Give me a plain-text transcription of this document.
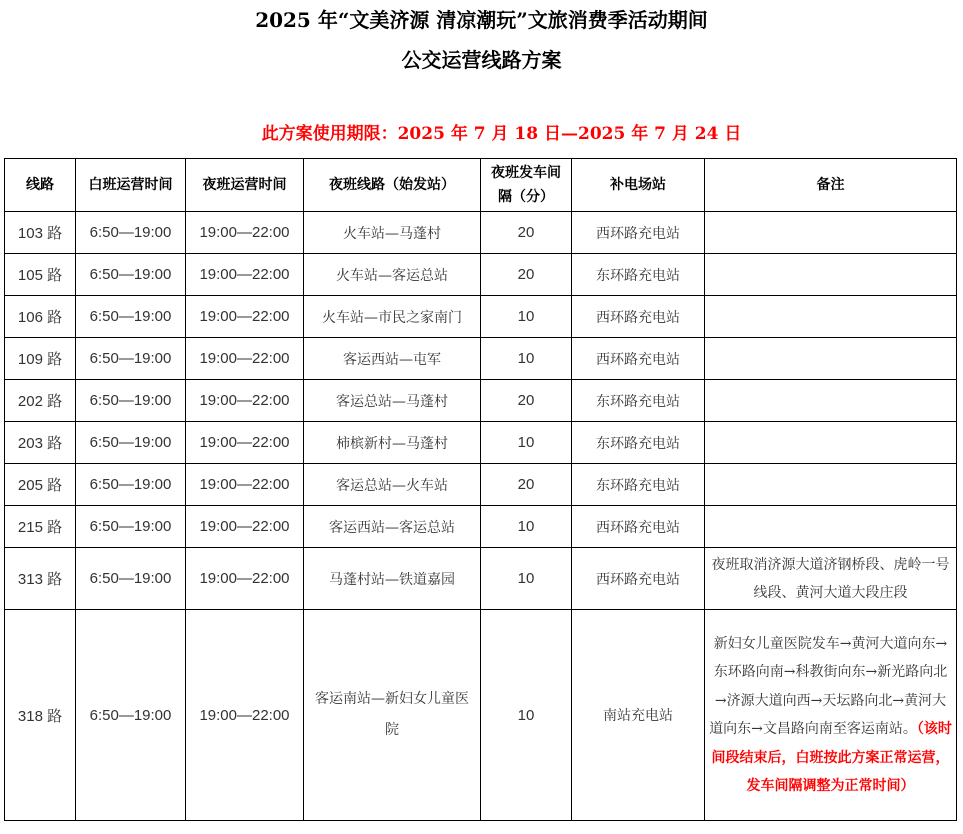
2025 年“文美济源 清凉潮玩”文旅消费季活动期间
公交运营线路方案
此方案使用期限：2025 年 7 月 18 日—2025 年 7 月 24 日
线路	白班运营时间	夜班运营时间	夜班线路（始发站）	夜班发车间隔（分）	补电场站	备注
103 路	6:50—19:00	19:00—22:00	火车站—马蓬村	20	西环路充电站	
105 路	6:50—19:00	19:00—22:00	火车站—客运总站	20	东环路充电站	
106 路	6:50—19:00	19:00—22:00	火车站—市民之家南门	10	西环路充电站	
109 路	6:50—19:00	19:00—22:00	客运西站—屯军	10	西环路充电站	
202 路	6:50—19:00	19:00—22:00	客运总站—马蓬村	20	东环路充电站	
203 路	6:50—19:00	19:00—22:00	柿槟新村—马蓬村	10	东环路充电站	
205 路	6:50—19:00	19:00—22:00	客运总站—火车站	20	东环路充电站	
215 路	6:50—19:00	19:00—22:00	客运西站—客运总站	10	西环路充电站	
313 路	6:50—19:00	19:00—22:00	马蓬村站—铁道嘉园	10	西环路充电站	夜班取消济源大道济钢桥段、虎岭一号线段、黄河大道大段庄段
318 路	6:50—19:00	19:00—22:00	客运南站—新妇女儿童医院	10	南站充电站	新妇女儿童医院发车→黄河大道向东→东环路向南→科教街向东→新光路向北→济源大道向西→天坛路向北→黄河大道向东→文昌路向南至客运南站。（该时间段结束后，白班按此方案正常运营，发车间隔调整为正常时间）
